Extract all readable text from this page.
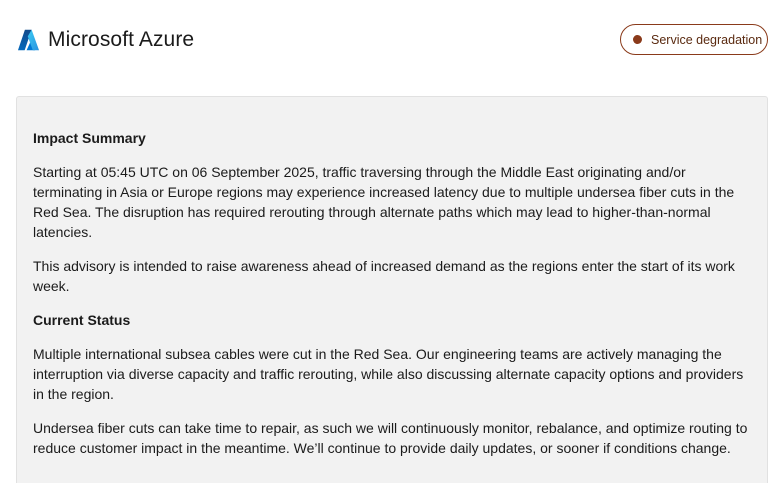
Microsoft Azure	Service degradation
Impact Summary

Starting at 05:45 UTC on 06 September 2025, traffic traversing through the Middle East originating and/or terminating in Asia or Europe regions may experience increased latency due to multiple undersea fiber cuts in the Red Sea. The disruption has required rerouting through alternate paths which may lead to higher-than-normal latencies.

This advisory is intended to raise awareness ahead of increased demand as the regions enter the start of its work week.

Current Status

Multiple international subsea cables were cut in the Red Sea. Our engineering teams are actively managing the interruption via diverse capacity and traffic rerouting, while also discussing alternate capacity options and providers in the region.

Undersea fiber cuts can take time to repair, as such we will continuously monitor, rebalance, and optimize routing to reduce customer impact in the meantime. We’ll continue to provide daily updates, or sooner if conditions change.
